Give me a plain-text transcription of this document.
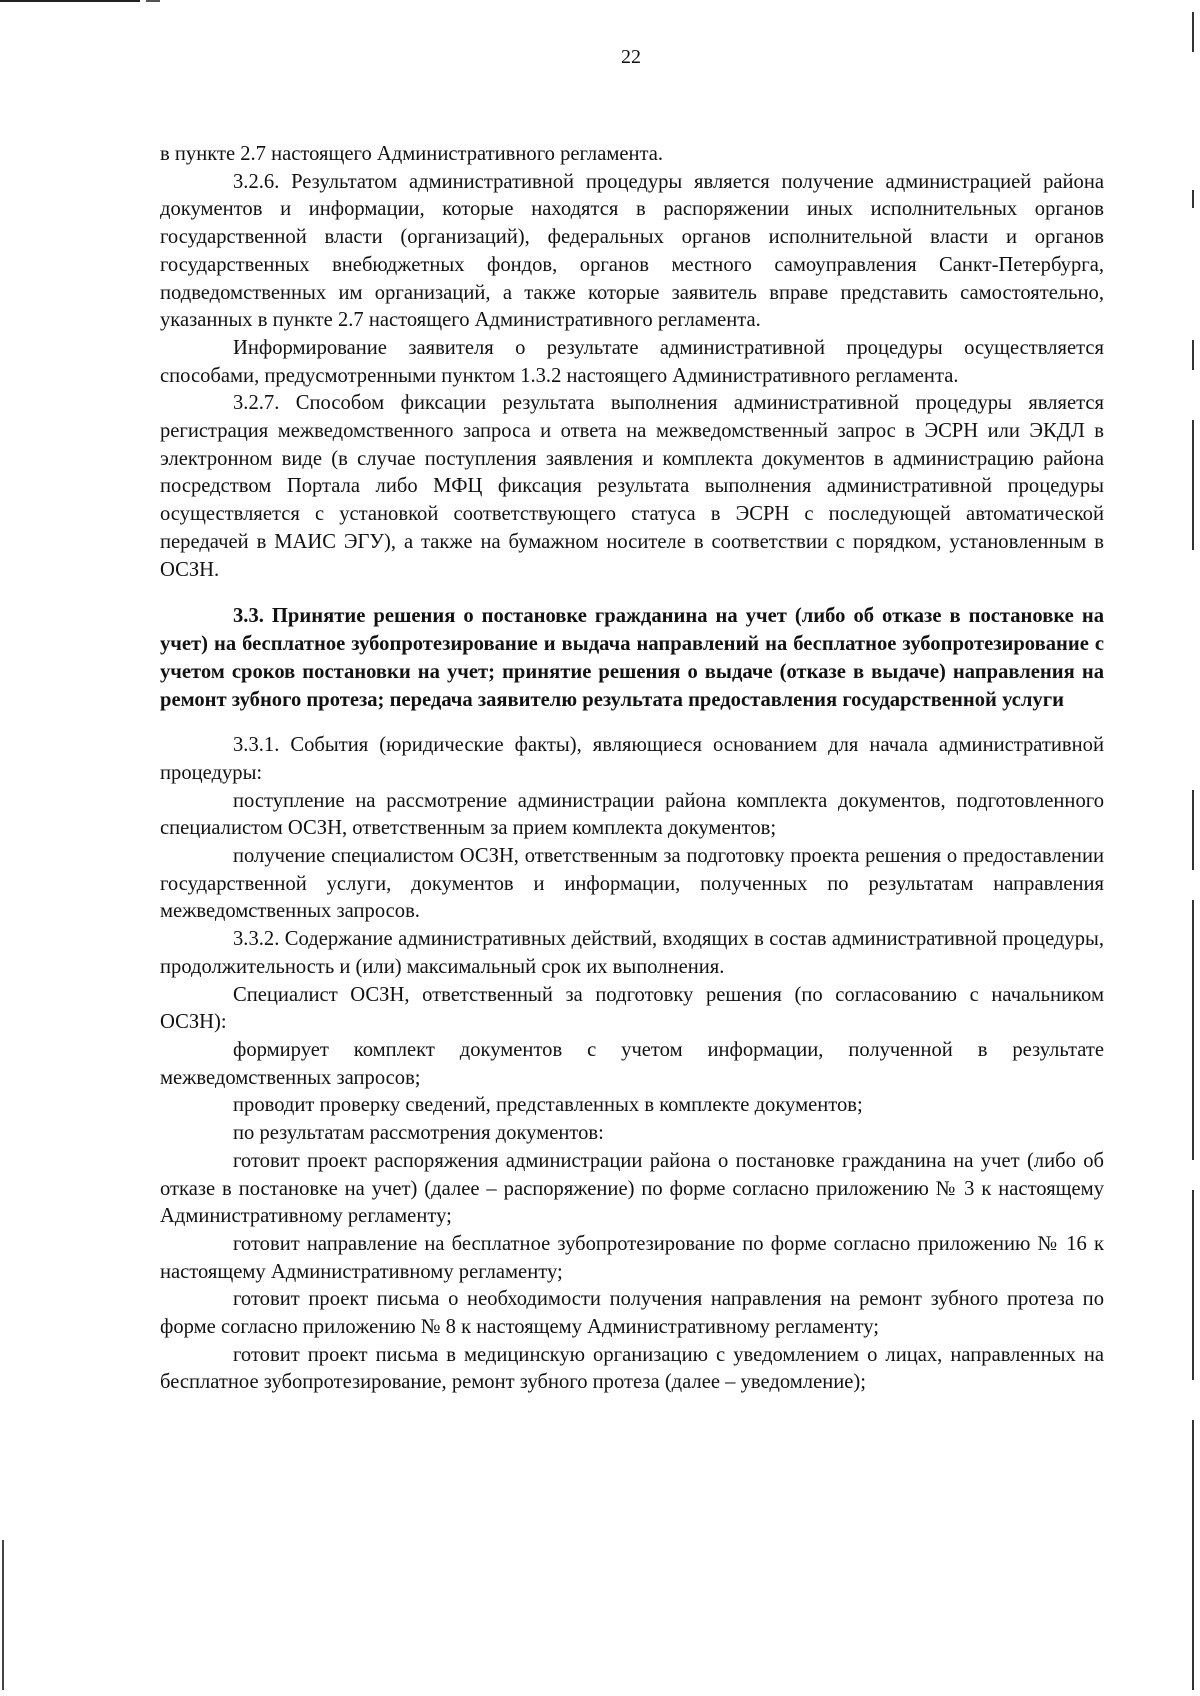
22

в пункте 2.7 настоящего Административного регламента.

3.2.6. Результатом административной процедуры является получение администрацией района документов и информации, которые находятся в распоряжении иных исполнительных органов государственной власти (организаций), федеральных органов исполнительной власти и органов государственных внебюджетных фондов, органов местного самоуправления Санкт-Петербурга, подведомственных им организаций, а также которые заявитель вправе представить самостоятельно, указанных в пункте 2.7 настоящего Административного регламента.

Информирование заявителя о результате административной процедуры осуществляется способами, предусмотренными пунктом 1.3.2 настоящего Административного регламента.

3.2.7. Способом фиксации результата выполнения административной процедуры является регистрация межведомственного запроса и ответа на межведомственный запрос в ЭСРН или ЭКДЛ в электронном виде (в случае поступления заявления и комплекта документов в администрацию района посредством Портала либо МФЦ фиксация результата выполнения административной процедуры осуществляется с установкой соответствующего статуса в ЭСРН с последующей автоматической передачей в МАИС ЭГУ), а также на бумажном носителе в соответствии с порядком, установленным в ОСЗН.

3.3. Принятие решения о постановке гражданина на учет (либо об отказе в постановке на учет) на бесплатное зубопротезирование и выдача направлений на бесплатное зубопротезирование с учетом сроков постановки на учет; принятие решения о выдаче (отказе в выдаче) направления на ремонт зубного протеза; передача заявителю результата предоставления государственной услуги

3.3.1. События (юридические факты), являющиеся основанием для начала административной процедуры:

поступление на рассмотрение администрации района комплекта документов, подготовленного специалистом ОСЗН, ответственным за прием комплекта документов;

получение специалистом ОСЗН, ответственным за подготовку проекта решения о предоставлении государственной услуги, документов и информации, полученных по результатам направления межведомственных запросов.

3.3.2. Содержание административных действий, входящих в состав административной процедуры, продолжительность и (или) максимальный срок их выполнения.

Специалист ОСЗН, ответственный за подготовку решения (по согласованию с начальником ОСЗН):

формирует комплект документов с учетом информации, полученной в результате межведомственных запросов;

проводит проверку сведений, представленных в комплекте документов;

по результатам рассмотрения документов:

готовит проект распоряжения администрации района о постановке гражданина на учет (либо об отказе в постановке на учет) (далее – распоряжение) по форме согласно приложению № 3 к настоящему Административному регламенту;

готовит направление на бесплатное зубопротезирование по форме согласно приложению № 16 к настоящему Административному регламенту;

готовит проект письма о необходимости получения направления на ремонт зубного протеза по форме согласно приложению № 8 к настоящему Административному регламенту;

готовит проект письма в медицинскую организацию с уведомлением о лицах, направленных на бесплатное зубопротезирование, ремонт зубного протеза (далее – уведомление);
